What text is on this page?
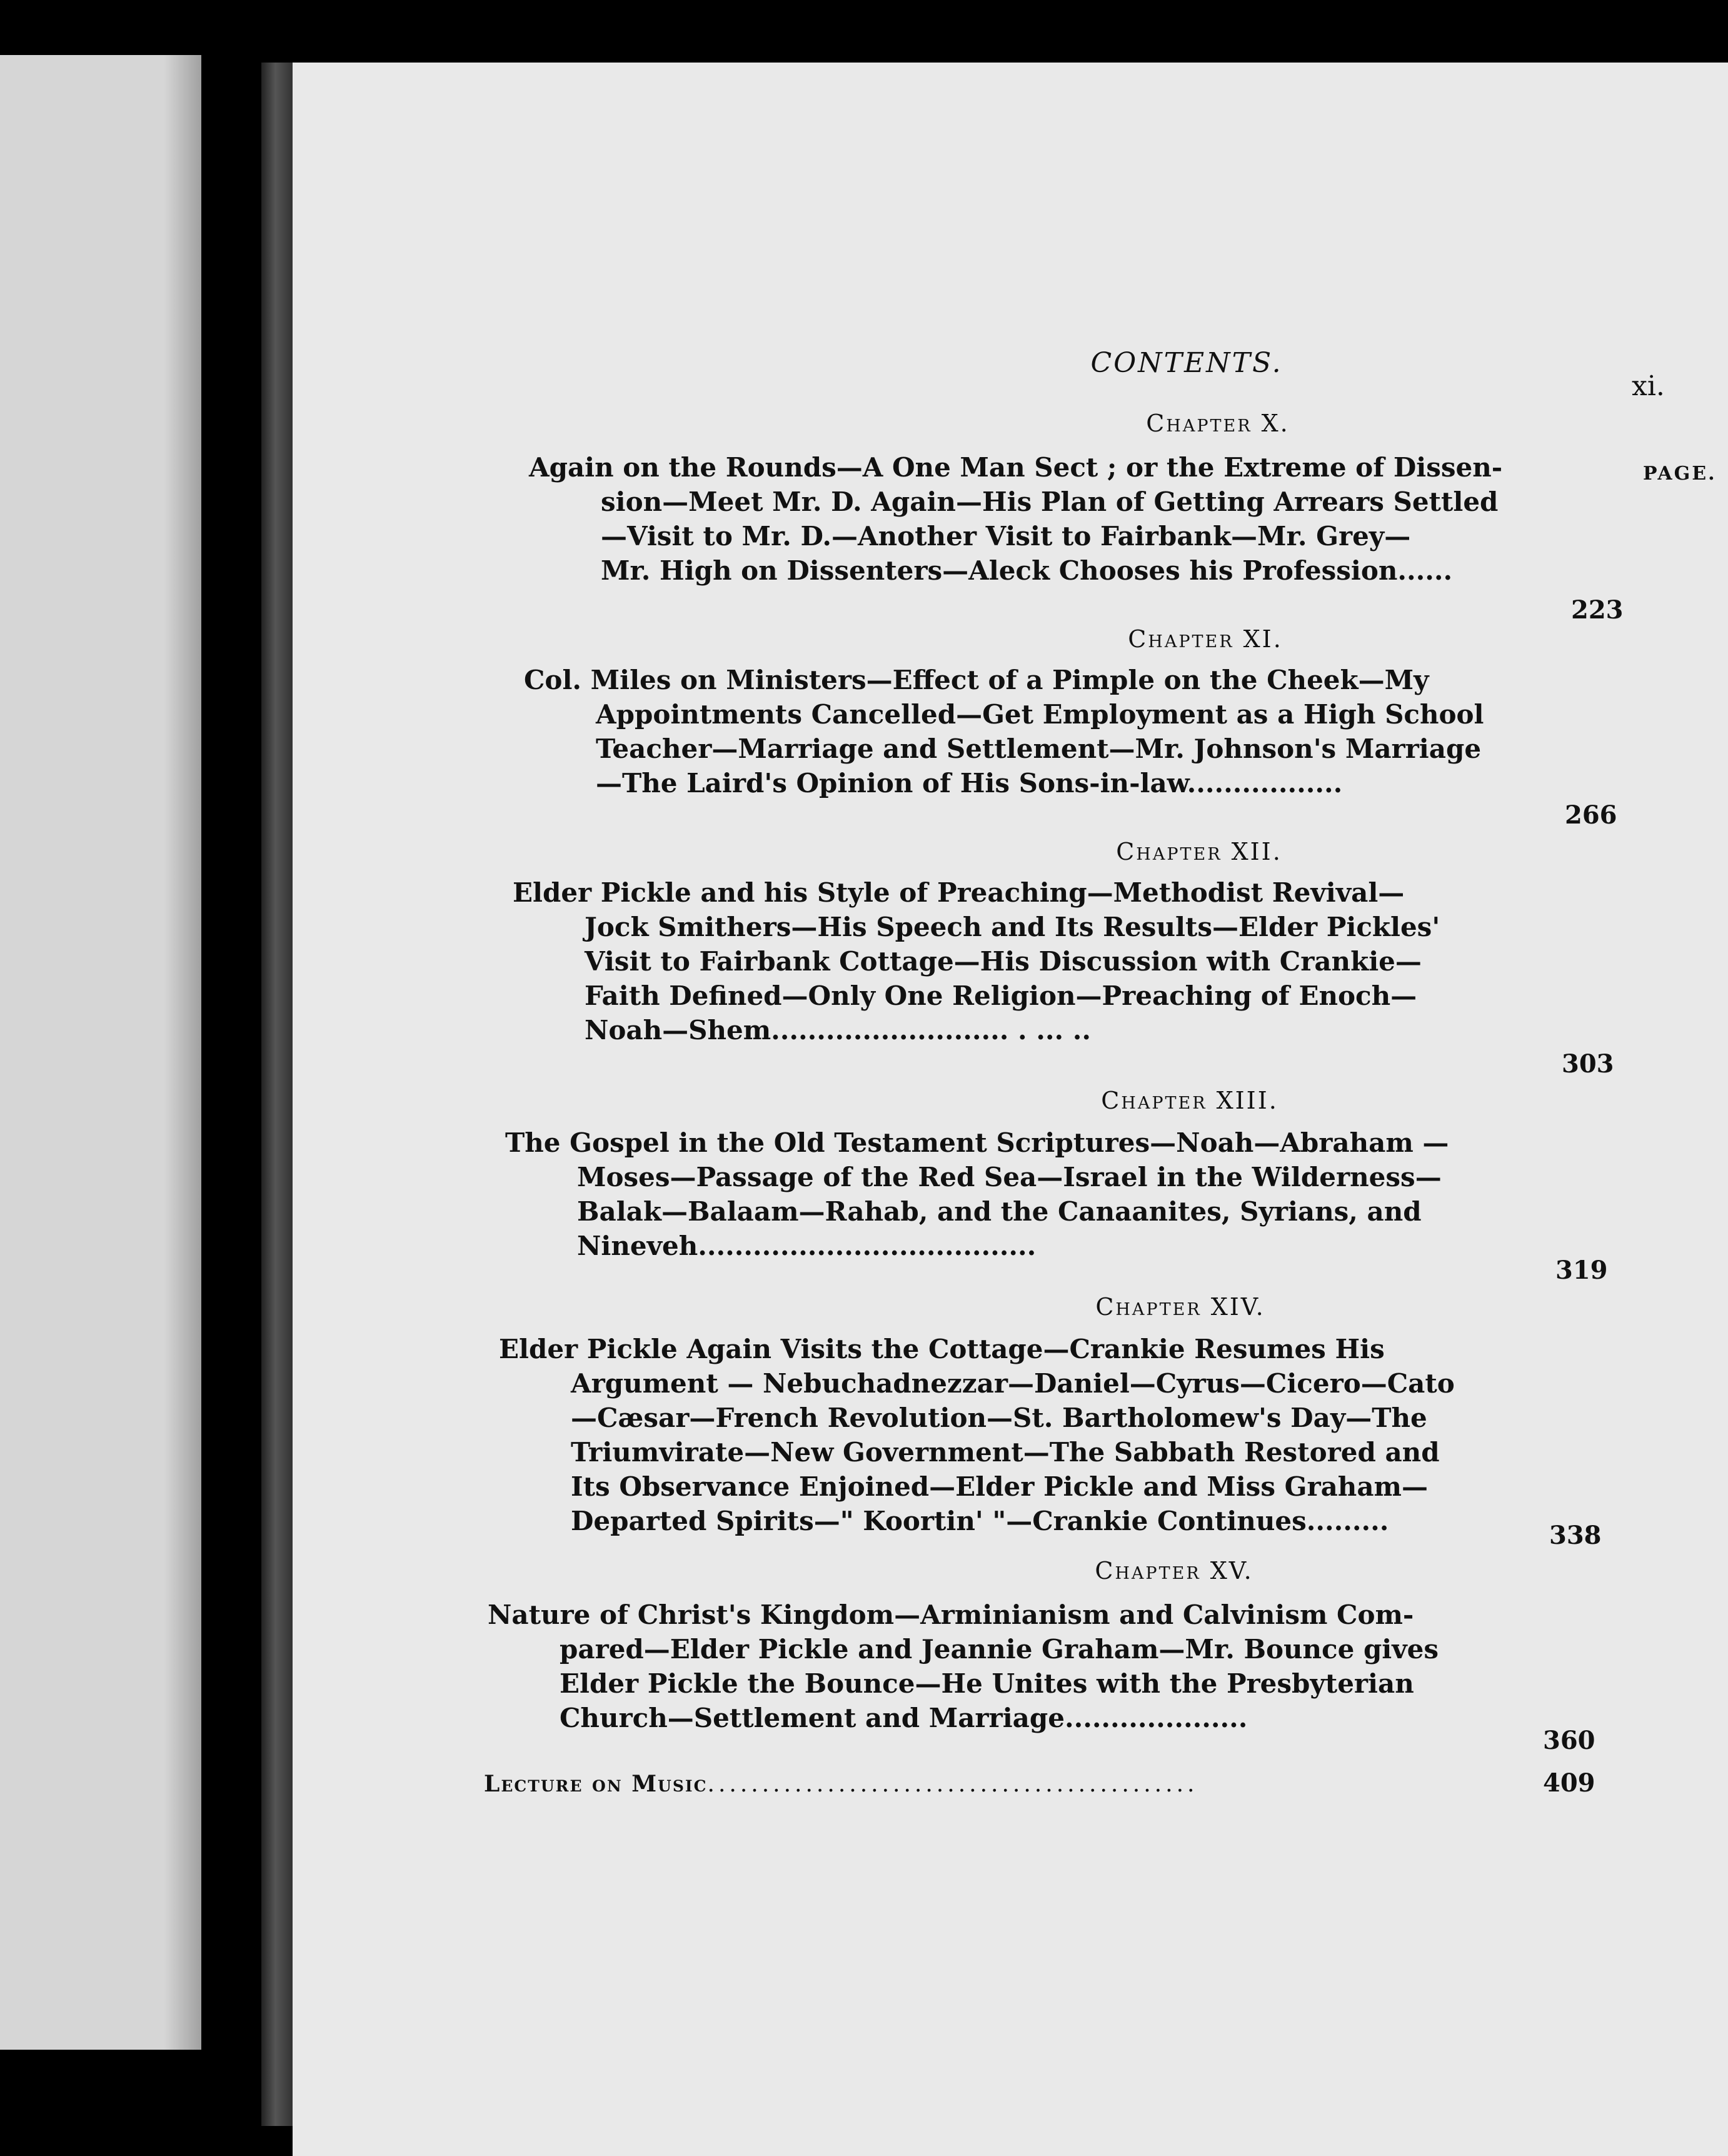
CONTENTS.
xi.
PAGE.
Chapter X.
Again on the Rounds—A One Man Sect ; or the Extreme of Dissen-
sion—Meet Mr. D. Again—His Plan of Getting Arrears Settled
—Visit to Mr. D.—Another Visit to Fairbank—Mr. Grey—
Mr. High on Dissenters—Aleck Chooses his Profession......
223
Chapter XI.
Col. Miles on Ministers—Effect of a Pimple on the Cheek—My
Appointments Cancelled—Get Employment as a High School
Teacher—Marriage and Settlement—Mr. Johnson's Marriage
—The Laird's Opinion of His Sons-in-law.................
266
Chapter XII.
Elder Pickle and his Style of Preaching—Methodist Revival—
Jock Smithers—His Speech and Its Results—Elder Pickles'
Visit to Fairbank Cottage—His Discussion with Crankie—
Faith Defined—Only One Religion—Preaching of Enoch—
Noah—Shem.......................... . ... ..
303
Chapter XIII.
The Gospel in the Old Testament Scriptures—Noah—Abraham —
Moses—Passage of the Red Sea—Israel in the Wilderness—
Balak—Balaam—Rahab, and the Canaanites, Syrians, and
Nineveh.....................................
319
Chapter XIV.
Elder Pickle Again Visits the Cottage—Crankie Resumes His
Argument — Nebuchadnezzar—Daniel—Cyrus—Cicero—Cato
—Cæsar—French Revolution—St. Bartholomew's Day—The
Triumvirate—New Government—The Sabbath Restored and
Its Observance Enjoined—Elder Pickle and Miss Graham—
Departed Spirits—" Koortin' "—Crankie Continues.........	338
Chapter XV.
Nature of Christ's Kingdom—Arminianism and Calvinism Com-
pared—Elder Pickle and Jeannie Graham—Mr. Bounce gives
Elder Pickle the Bounce—He Unites with the Presbyterian
Church—Settlement and Marriage....................
360
Lecture on Music.............................................	409
